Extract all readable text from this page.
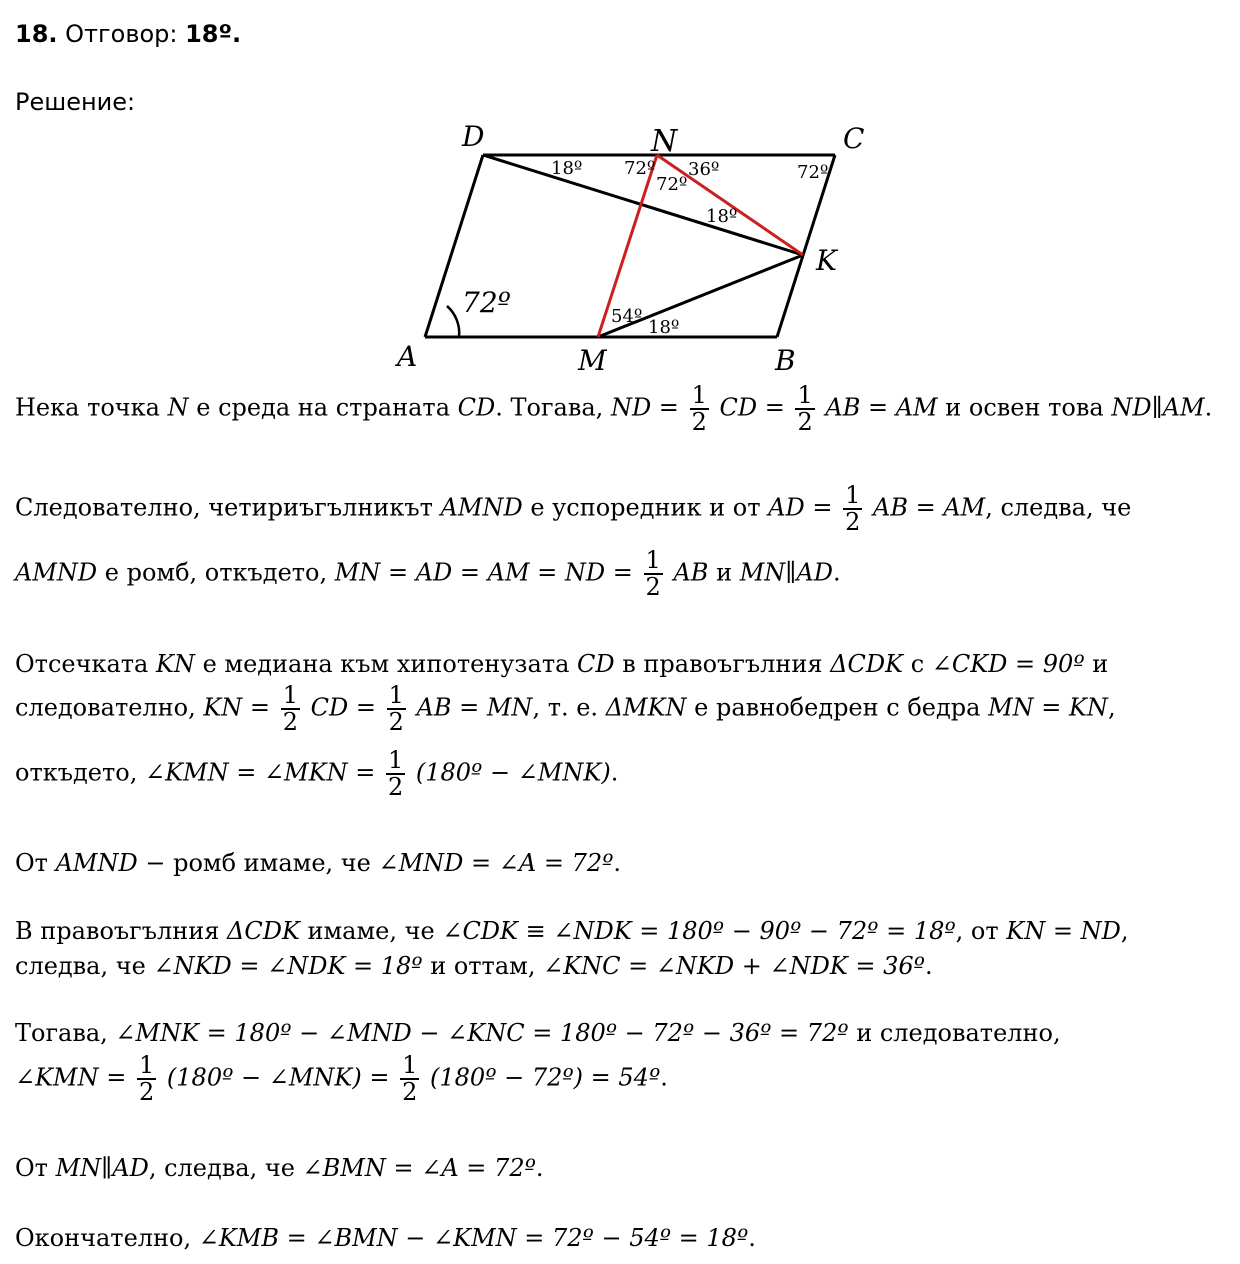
18. Отговор: 18º.
Решение:
D	N	C
K
A	M	B
72º
18º 72º 36º
72º
72º
18º
54º
18º
Нека точка N е среда на страната CD. Тогава, ND = $\frac{1}{2}$ CD = $\frac{1}{2}$ AB = AM и освен това ND∥AM.
Следователно, четириъгълникът AMND е успоредник и от AD = $\frac{1}{2}$ AB = AM, следва, че
AMND е ромб, откъдето, MN = AD = AM = ND = $\frac{1}{2}$ AB и MN∥AD.
Отсечката KN е медиана към хипотенузата CD в правоъгълния ΔCDK с ∠CKD = 90º и
следователно, KN = $\frac{1}{2}$ CD = $\frac{1}{2}$ AB = MN, т. е. ΔMKN е равнобедрен с бедра MN = KN,
откъдето, ∠KMN = ∠MKN = $\frac{1}{2}$ (180º − ∠MNK).
От AMND − ромб имаме, че ∠MND = ∠A = 72º.
В правоъгълния ΔCDK имаме, че ∠CDK ≡ ∠NDK = 180º − 90º − 72º = 18º, от KN = ND,
следва, че ∠NKD = ∠NDK = 18º и оттам, ∠KNC = ∠NKD + ∠NDK = 36º.
Тогава, ∠MNK = 180º − ∠MND − ∠KNC = 180º − 72º − 36º = 72º и следователно,
∠KMN = $\frac{1}{2}$ (180º − ∠MNK) = $\frac{1}{2}$ (180º − 72º) = 54º.
От MN∥AD, следва, че ∠BMN = ∠A = 72º.
Окончателно, ∠KMB = ∠BMN − ∠KMN = 72º − 54º = 18º.
